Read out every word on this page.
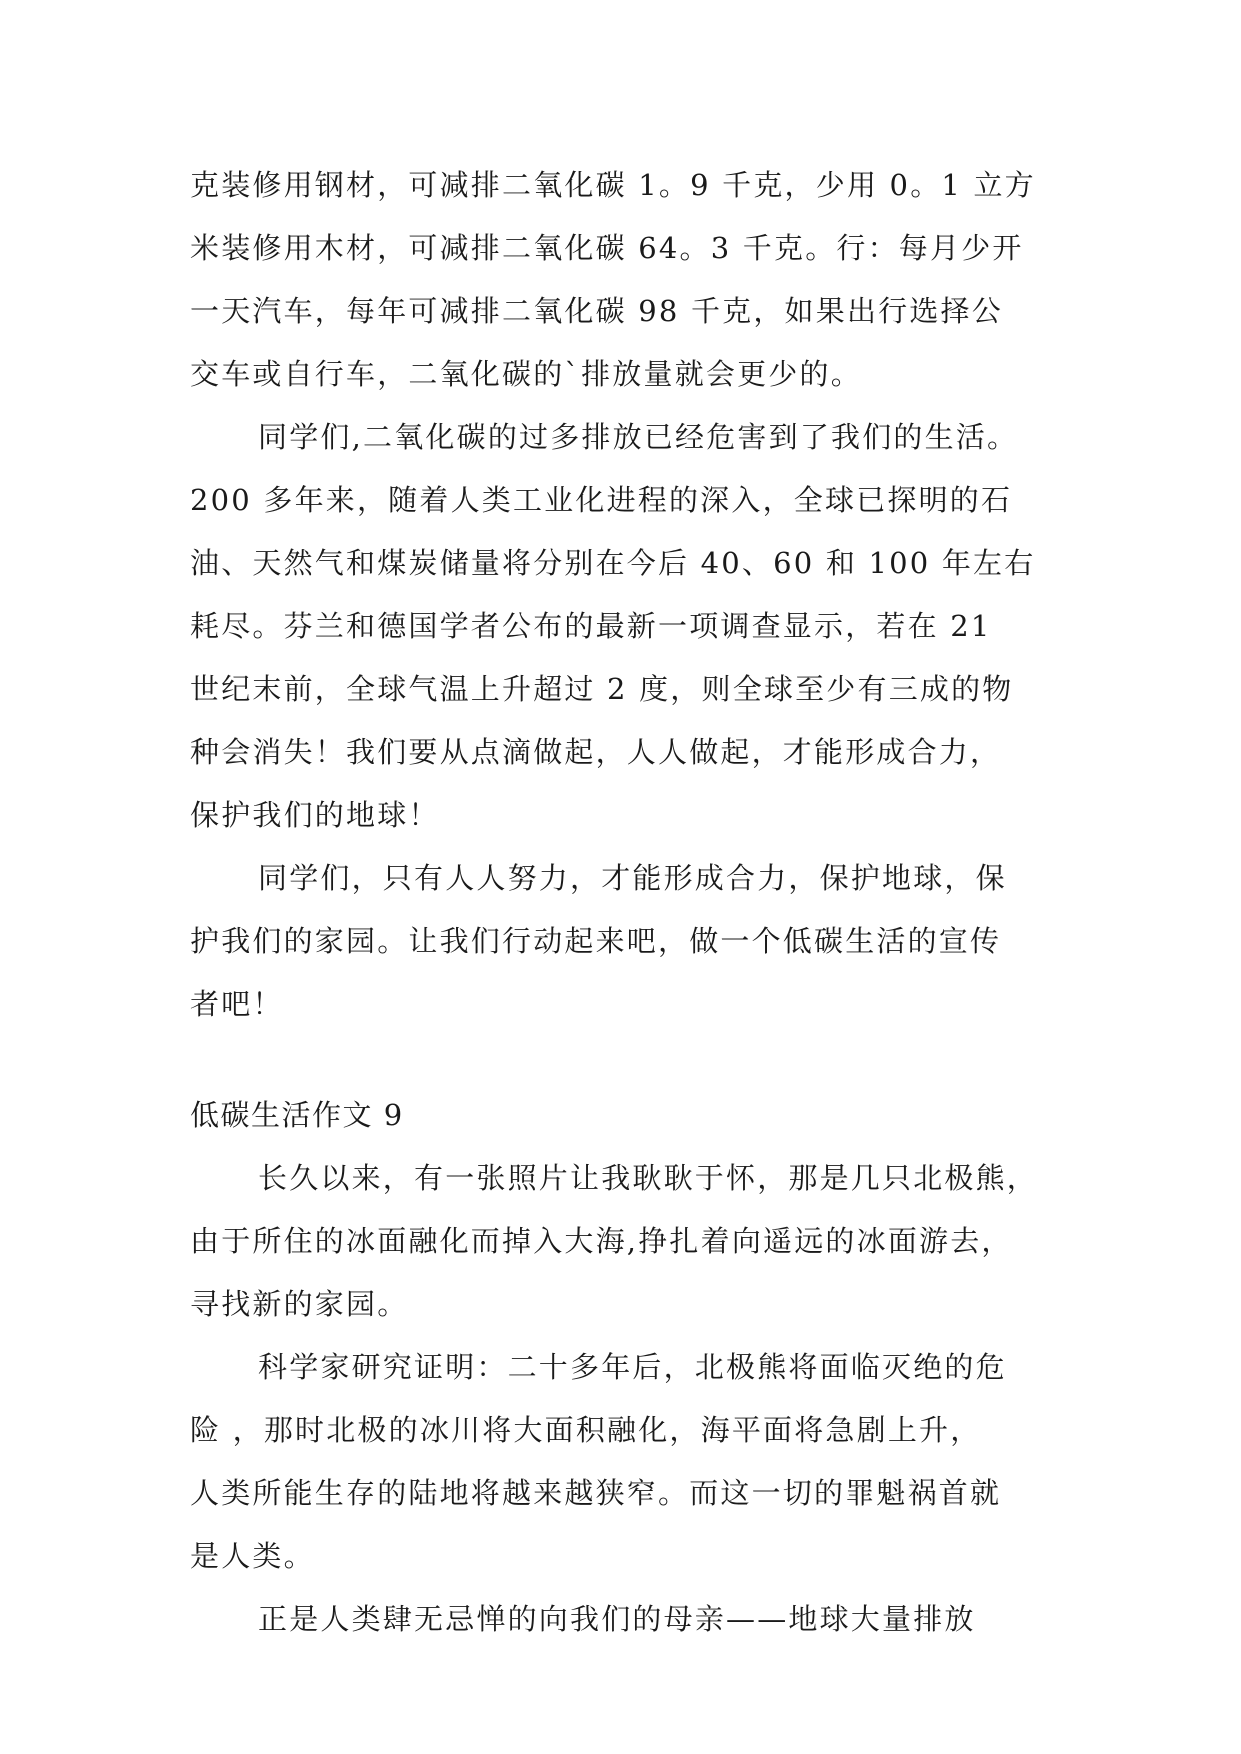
克装修用钢材，可减排二氧化碳 1。9 千克，少用 0。1 立方
米装修用木材，可减排二氧化碳 64。3 千克。行：每月少开
一天汽车，每年可减排二氧化碳 98 千克，如果出行选择公
交车或自行车，二氧化碳的`排放量就会更少的。
同学们,二氧化碳的过多排放已经危害到了我们的生活。
200 多年来，随着人类工业化进程的深入，全球已探明的石
油、天然气和煤炭储量将分别在今后 40、60 和 100 年左右
耗尽。芬兰和德国学者公布的最新一项调查显示，若在 21
世纪末前，全球气温上升超过 2 度，则全球至少有三成的物
种会消失！我们要从点滴做起，人人做起，才能形成合力，
保护我们的地球！
同学们，只有人人努力，才能形成合力，保护地球，保
护我们的家园。让我们行动起来吧，做一个低碳生活的宣传
者吧！
低碳生活作文 9
长久以来，有一张照片让我耿耿于怀，那是几只北极熊，
由于所住的冰面融化而掉入大海,挣扎着向遥远的冰面游去，
寻找新的家园。
科学家研究证明：二十多年后，北极熊将面临灭绝的危
险 ，那时北极的冰川将大面积融化，海平面将急剧上升，
人类所能生存的陆地将越来越狭窄。而这一切的罪魁祸首就
是人类。
正是人类肆无忌惮的向我们的母亲——地球大量排放
